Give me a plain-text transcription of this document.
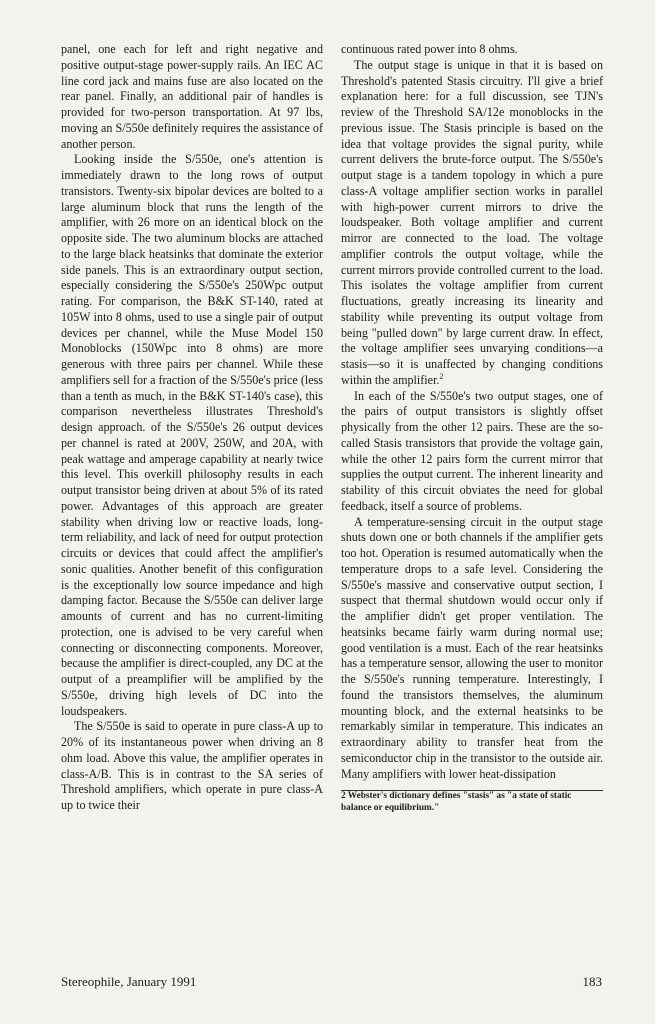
panel, one each for left and right negative and positive output-stage power-supply rails. An IEC AC line cord jack and mains fuse are also located on the rear panel. Finally, an additional pair of handles is provided for two-person transportation. At 97 lbs, moving an S/550e definitely requires the assistance of another person.

Looking inside the S/550e, one's attention is immediately drawn to the long rows of output transistors. Twenty-six bipolar devices are bolted to a large aluminum block that runs the length of the amplifier, with 26 more on an identical block on the opposite side. The two aluminum blocks are attached to the large black heatsinks that dominate the exterior side panels. This is an extraordinary output section, especially considering the S/550e's 250Wpc output rating. For comparison, the B&K ST-140, rated at 105W into 8 ohms, used to use a single pair of output devices per channel, while the Muse Model 150 Monoblocks (150Wpc into 8 ohms) are more generous with three pairs per channel. While these amplifiers sell for a fraction of the S/550e's price (less than a tenth as much, in the B&K ST-140's case), this comparison nevertheless illustrates Threshold's design approach. of the S/550e's 26 output devices per channel is rated at 200V, 250W, and 20A, with peak wattage and amperage capability at nearly twice this level. This overkill philosophy results in each output transistor being driven at about 5% of its rated power. Advantages of this approach are greater stability when driving low or reactive loads, long-term reliability, and lack of need for output protection circuits or devices that could affect the amplifier's sonic qualities. Another benefit of this configuration is the exceptionally low source impedance and high damping factor. Because the S/550e can deliver large amounts of current and has no current-limiting protection, one is advised to be very careful when connecting or disconnecting components. Moreover, because the amplifier is direct-coupled, any DC at the output of a preamplifier will be amplified by the S/550e, driving high levels of DC into the loudspeakers.

The S/550e is said to operate in pure class-A up to 20% of its instantaneous power when driving an 8 ohm load. Above this value, the amplifier operates in class-A/B. This is in contrast to the SA series of Threshold amplifiers, which operate in pure class-A up to twice their

continuous rated power into 8 ohms.

The output stage is unique in that it is based on Threshold's patented Stasis circuitry. I'll give a brief explanation here: for a full discussion, see TJN's review of the Threshold SA/12e monoblocks in the previous issue. The Stasis principle is based on the idea that voltage provides the signal purity, while current delivers the brute-force output. The S/550e's output stage is a tandem topology in which a pure class-A voltage amplifier section works in parallel with high-power current mirrors to drive the loudspeaker. Both voltage amplifier and current mirror are connected to the load. The voltage amplifier controls the output voltage, while the current mirrors provide controlled current to the load. This isolates the voltage amplifier from current fluctuations, greatly increasing its linearity and stability while preventing its output voltage from being "pulled down" by large current draw. In effect, the voltage amplifier sees unvarying conditions—a stasis—so it is unaffected by changing conditions within the amplifier.$^2$

In each of the S/550e's two output stages, one of the pairs of output transistors is slightly offset physically from the other 12 pairs. These are the so-called Stasis transistors that provide the voltage gain, while the other 12 pairs form the current mirror that supplies the output current. The inherent linearity and stability of this circuit obviates the need for global feedback, itself a source of problems.

A temperature-sensing circuit in the output stage shuts down one or both channels if the amplifier gets too hot. Operation is resumed automatically when the temperature drops to a safe level. Considering the S/550e's massive and conservative output section, I suspect that thermal shutdown would occur only if the amplifier didn't get proper ventilation. The heatsinks became fairly warm during normal use; good ventilation is a must. Each of the rear heatsinks has a temperature sensor, allowing the user to monitor the S/550e's running temperature. Interestingly, I found the transistors themselves, the aluminum mounting block, and the external heatsinks to be remarkably similar in temperature. This indicates an extraordinary ability to transfer heat from the semiconductor chip in the transistor to the outside air. Many amplifiers with lower heat-dissipation

2 Webster's dictionary defines "stasis" as "a state of static balance or equilibrium."

Stereophile, January 1991	183
